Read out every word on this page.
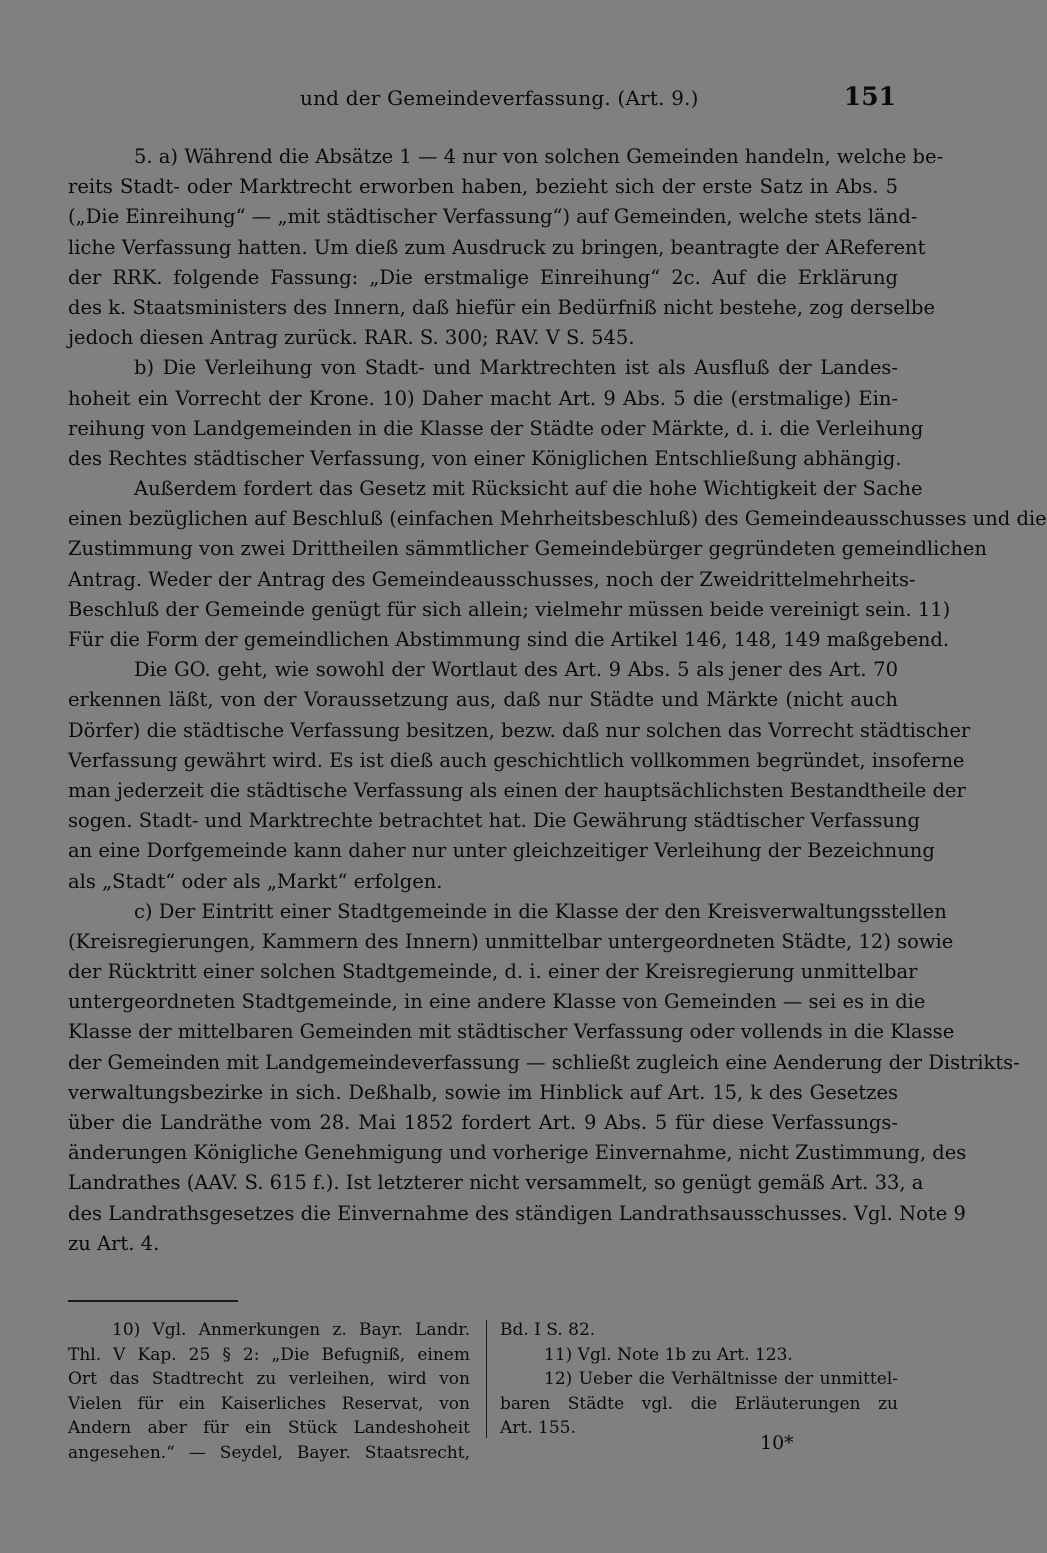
und der Gemeindeverfassung. (Art. 9.)	151
5. a) Während die Absätze 1 — 4 nur von solchen Gemeinden handeln, welche be-
reits Stadt- oder Marktrecht erworben haben, bezieht sich der erste Satz in Abs. 5
(„Die Einreihung“ — „mit städtischer Verfassung“) auf Gemeinden, welche stets länd-
liche Verfassung hatten. Um dieß zum Ausdruck zu bringen, beantragte der AReferent
der RRK. folgende Fassung: „Die erstmalige Einreihung“ 2c. Auf die Erklärung
des k. Staatsministers des Innern, daß hiefür ein Bedürfniß nicht bestehe, zog derselbe
jedoch diesen Antrag zurück. RAR. S. 300; RAV. V S. 545.
b) Die Verleihung von Stadt- und Marktrechten ist als Ausfluß der Landes-
hoheit ein Vorrecht der Krone. 10) Daher macht Art. 9 Abs. 5 die (erstmalige) Ein-
reihung von Landgemeinden in die Klasse der Städte oder Märkte, d. i. die Verleihung
des Rechtes städtischer Verfassung, von einer Königlichen Entschließung abhängig.
Außerdem fordert das Gesetz mit Rücksicht auf die hohe Wichtigkeit der Sache
einen bezüglichen auf Beschluß (einfachen Mehrheitsbeschluß) des Gemeindeausschusses und die
Zustimmung von zwei Drittheilen sämmtlicher Gemeindebürger gegründeten gemeindlichen
Antrag. Weder der Antrag des Gemeindeausschusses, noch der Zweidrittelmehrheits-
Beschluß der Gemeinde genügt für sich allein; vielmehr müssen beide vereinigt sein. 11)
Für die Form der gemeindlichen Abstimmung sind die Artikel 146, 148, 149 maßgebend.
Die GO. geht, wie sowohl der Wortlaut des Art. 9 Abs. 5 als jener des Art. 70
erkennen läßt, von der Voraussetzung aus, daß nur Städte und Märkte (nicht auch
Dörfer) die städtische Verfassung besitzen, bezw. daß nur solchen das Vorrecht städtischer
Verfassung gewährt wird. Es ist dieß auch geschichtlich vollkommen begründet, insoferne
man jederzeit die städtische Verfassung als einen der hauptsächlichsten Bestandtheile der
sogen. Stadt- und Marktrechte betrachtet hat. Die Gewährung städtischer Verfassung
an eine Dorfgemeinde kann daher nur unter gleichzeitiger Verleihung der Bezeichnung
als „Stadt“ oder als „Markt“ erfolgen.
c) Der Eintritt einer Stadtgemeinde in die Klasse der den Kreisverwaltungsstellen
(Kreisregierungen, Kammern des Innern) unmittelbar untergeordneten Städte, 12) sowie
der Rücktritt einer solchen Stadtgemeinde, d. i. einer der Kreisregierung unmittelbar
untergeordneten Stadtgemeinde, in eine andere Klasse von Gemeinden — sei es in die
Klasse der mittelbaren Gemeinden mit städtischer Verfassung oder vollends in die Klasse
der Gemeinden mit Landgemeindeverfassung — schließt zugleich eine Aenderung der Distrikts-
verwaltungsbezirke in sich. Deßhalb, sowie im Hinblick auf Art. 15, k des Gesetzes
über die Landräthe vom 28. Mai 1852 fordert Art. 9 Abs. 5 für diese Verfassungs-
änderungen Königliche Genehmigung und vorherige Einvernahme, nicht Zustimmung, des
Landrathes (AAV. S. 615 f.). Ist letzterer nicht versammelt, so genügt gemäß Art. 33, a
des Landrathsgesetzes die Einvernahme des ständigen Landrathsausschusses. Vgl. Note 9
zu Art. 4.
10) Vgl. Anmerkungen z. Bayr. Landr.
Thl. V Kap. 25 § 2: „Die Befugniß, einem
Ort das Stadtrecht zu verleihen, wird von
Vielen für ein Kaiserliches Reservat, von
Andern aber für ein Stück Landeshoheit
angesehen.“ — Seydel, Bayer. Staatsrecht,
Bd. I S. 82.
11) Vgl. Note 1b zu Art. 123.
12) Ueber die Verhältnisse der unmittel-
baren Städte vgl. die Erläuterungen zu
Art. 155.
10*
